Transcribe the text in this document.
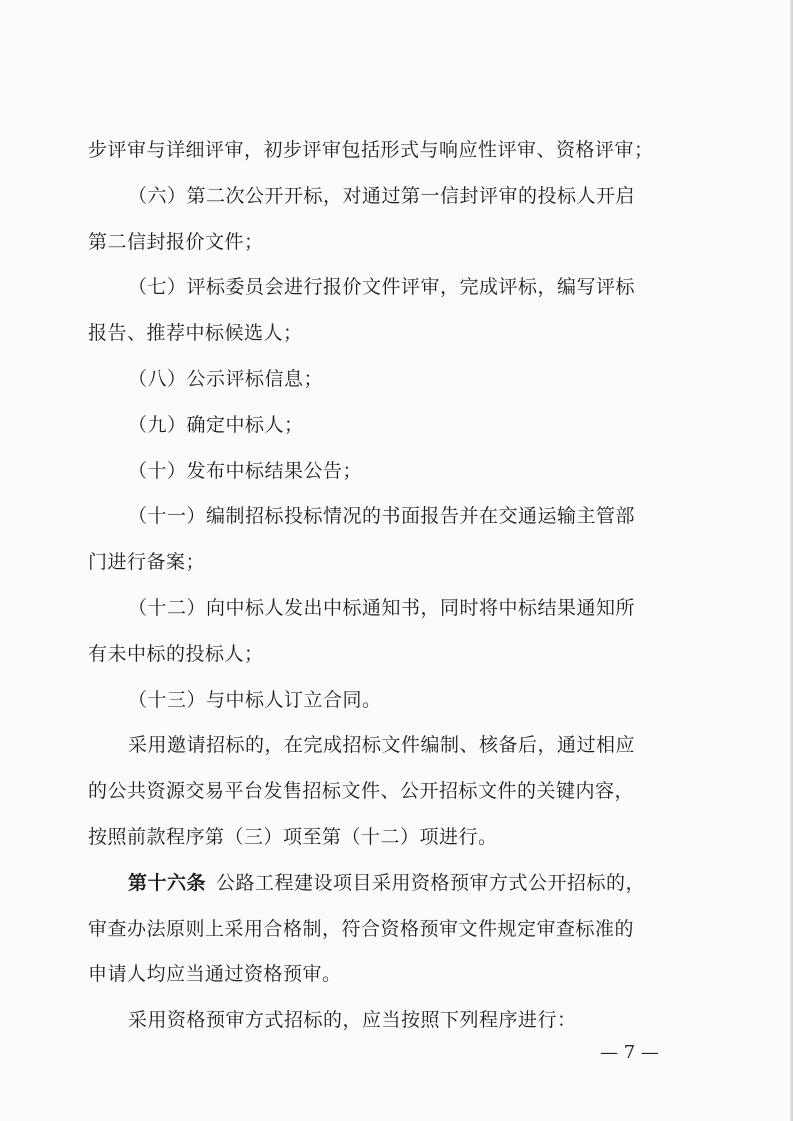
步评审与详细评审，初步评审包括形式与响应性评审、资格评审；
（六）第二次公开开标，对通过第一信封评审的投标人开启
第二信封报价文件；
（七）评标委员会进行报价文件评审，完成评标，编写评标
报告、推荐中标候选人；
（八）公示评标信息；
（九）确定中标人；
（十）发布中标结果公告；
（十一）编制招标投标情况的书面报告并在交通运输主管部
门进行备案；
（十二）向中标人发出中标通知书，同时将中标结果通知所
有未中标的投标人；
（十三）与中标人订立合同。
采用邀请招标的，在完成招标文件编制、核备后，通过相应
的公共资源交易平台发售招标文件、公开招标文件的关键内容，
按照前款程序第（三）项至第（十二）项进行。
第十六条 公路工程建设项目采用资格预审方式公开招标的，
审查办法原则上采用合格制，符合资格预审文件规定审查标准的
申请人均应当通过资格预审。
采用资格预审方式招标的，应当按照下列程序进行：
— 7 —
